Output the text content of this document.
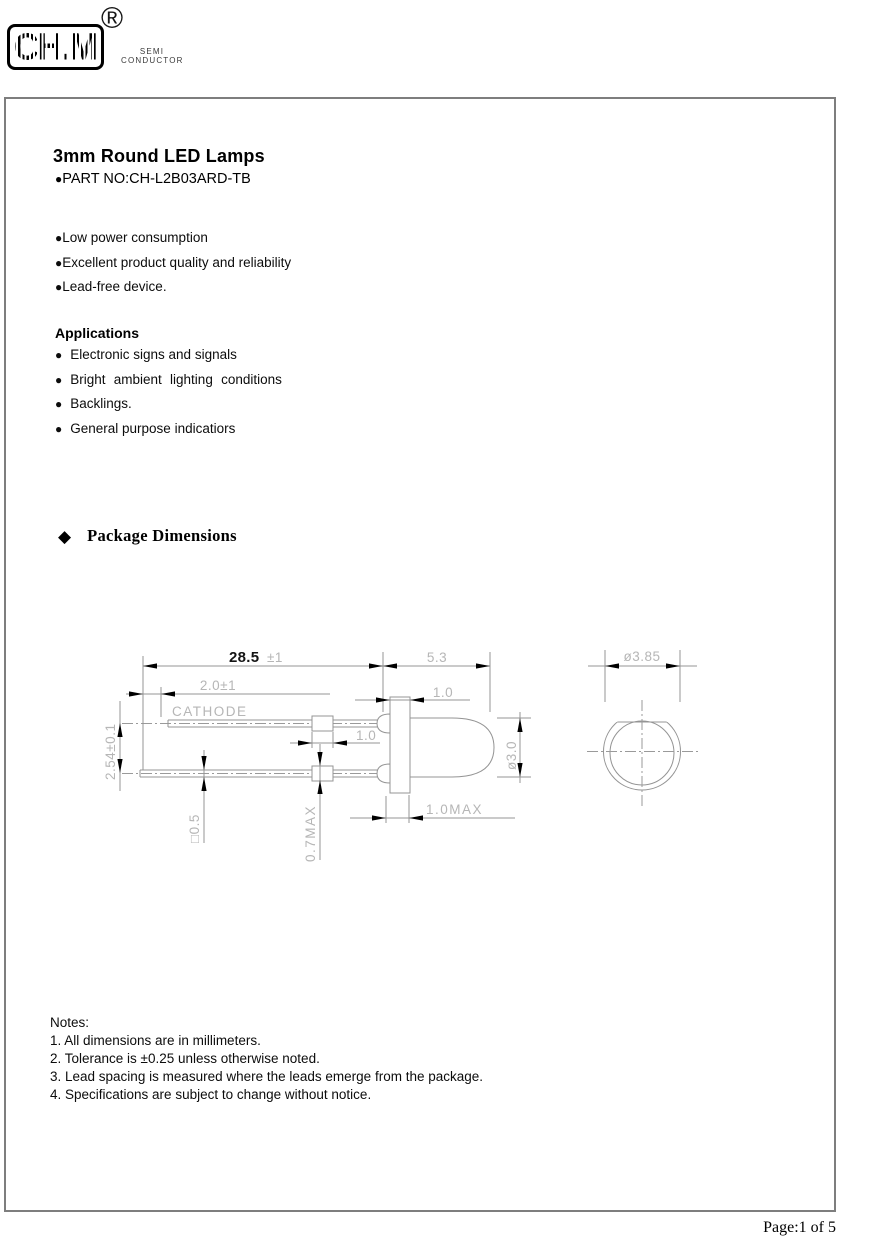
CH.M
®
SEMI
CONDUCTOR
3mm Round LED Lamps
●PART NO:CH-L2B03ARD-TB
●Low power consumption
●Excellent product quality and reliability
●Lead-free device.
Applications
● Electronic signs and signals
● Bright ambient lighting conditions
● Backlings.
● General purpose indicatiors
◆ Package Dimensions
28.5 ±1	5.3
2.0±1
CATHODE
1.0
1.0
2.54±0.1
□0.5	0.7MAX
ø3.0
1.0MAX
ø3.85
Notes:
1. All dimensions are in millimeters.
2. Tolerance is ±0.25 unless otherwise noted.
3. Lead spacing is measured where the leads emerge from the package.
4. Specifications are subject to change without notice.
Page:1 of 5
